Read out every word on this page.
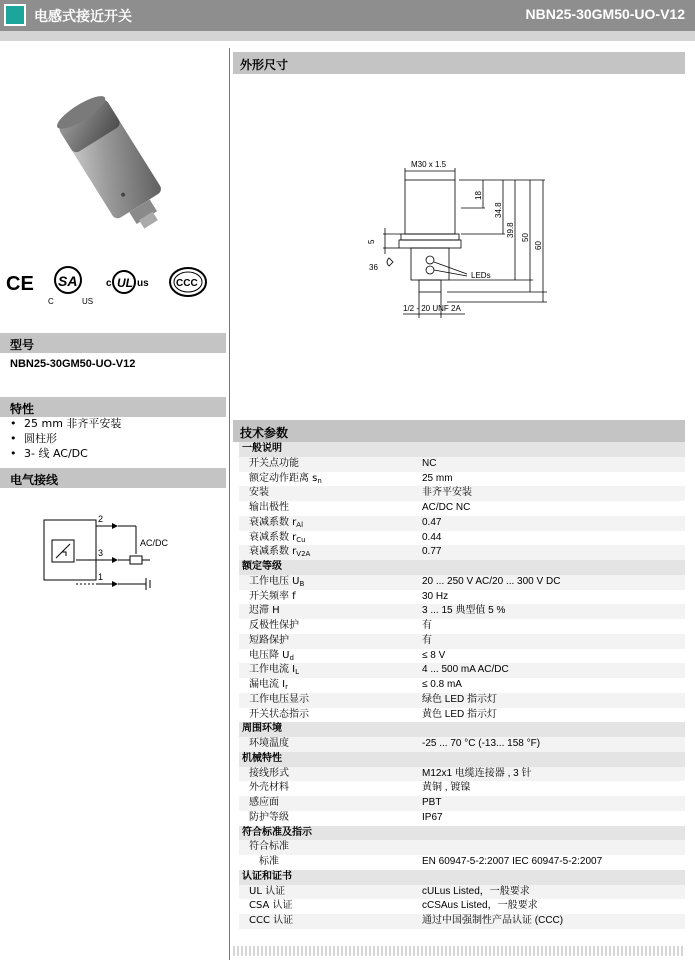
电感式接近开关	NBN25-30GM50-UO-V12
CE SA
C	US
c UL us	CCC
型号
NBN25-30GM50-UO-V12
特性
• 25 mm 非齐平安装
• 圆柱形
• 3- 线 AC/DC
电气接线
2
3
1
AC/DC
外形尺寸
M30 x 1.5
18
34.8
39.8 50
60
5
36
LEDs
1/2 - 20 UNF 2A
技术参数
一般说明
开关点功能	NC
额定动作距离 $s_n$	25 mm
安装	非齐平安装
输出极性	AC/DC NC
衰减系数 $r_{Al}$	0.47
衰减系数 $r_{Cu}$	0.44
衰减系数 $r_{V2A}$	0.77
额定等级
工作电压 $U_B$	20 ... 250 V AC/20 ... 300 V DC
开关频率 f	30 Hz
迟滞 H	3 ... 15 典型值 5 %
反极性保护	有
短路保护	有
电压降 $U_d$	≤ 8 V
工作电流 $I_L$	4 ... 500 mA AC/DC
漏电流 $I_r$	≤ 0.8 mA
工作电压显示	绿色 LED 指示灯
开关状态指示	黄色 LED 指示灯
周围环境
环境温度	-25 ... 70 °C (-13... 158 °F)
机械特性
接线形式	M12x1 电缆连接器 , 3 针
外壳材料	黄铜 , 镀镍
感应面	PBT
防护等级	IP67
符合标准及指示
符合标准
标准	EN 60947-5-2:2007 IEC 60947-5-2:2007
认证和证书
UL 认证	cULus Listed，一般要求
CSA 认证	cCSAus Listed，一般要求
CCC 认证	通过中国强制性产品认证 (CCC)
